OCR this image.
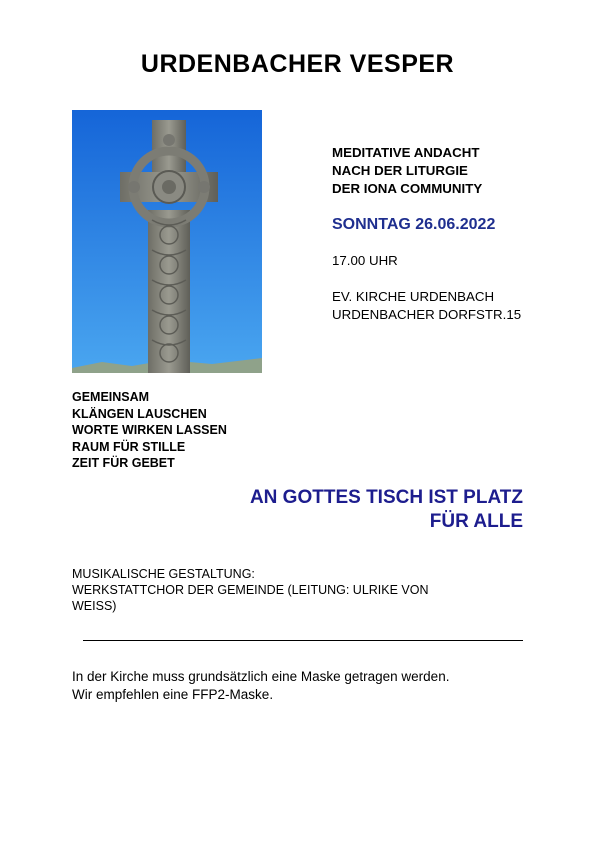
URDENBACHER VESPER
MEDITATIVE ANDACHT
NACH DER LITURGIE
DER IONA COMMUNITY
SONNTAG 26.06.2022
17.00 UHR
EV. KIRCHE URDENBACH
URDENBACHER DORFSTR.15
GEMEINSAM
KLÄNGEN LAUSCHEN
WORTE WIRKEN LASSEN
RAUM FÜR STILLE
ZEIT FÜR GEBET
AN GOTTES TISCH IST PLATZ
FÜR ALLE
MUSIKALISCHE GESTALTUNG:
WERKSTATTCHOR DER GEMEINDE (LEITUNG: ULRIKE VON
WEISS)
In der Kirche muss grundsätzlich eine Maske getragen werden.
Wir empfehlen eine FFP2-Maske.
